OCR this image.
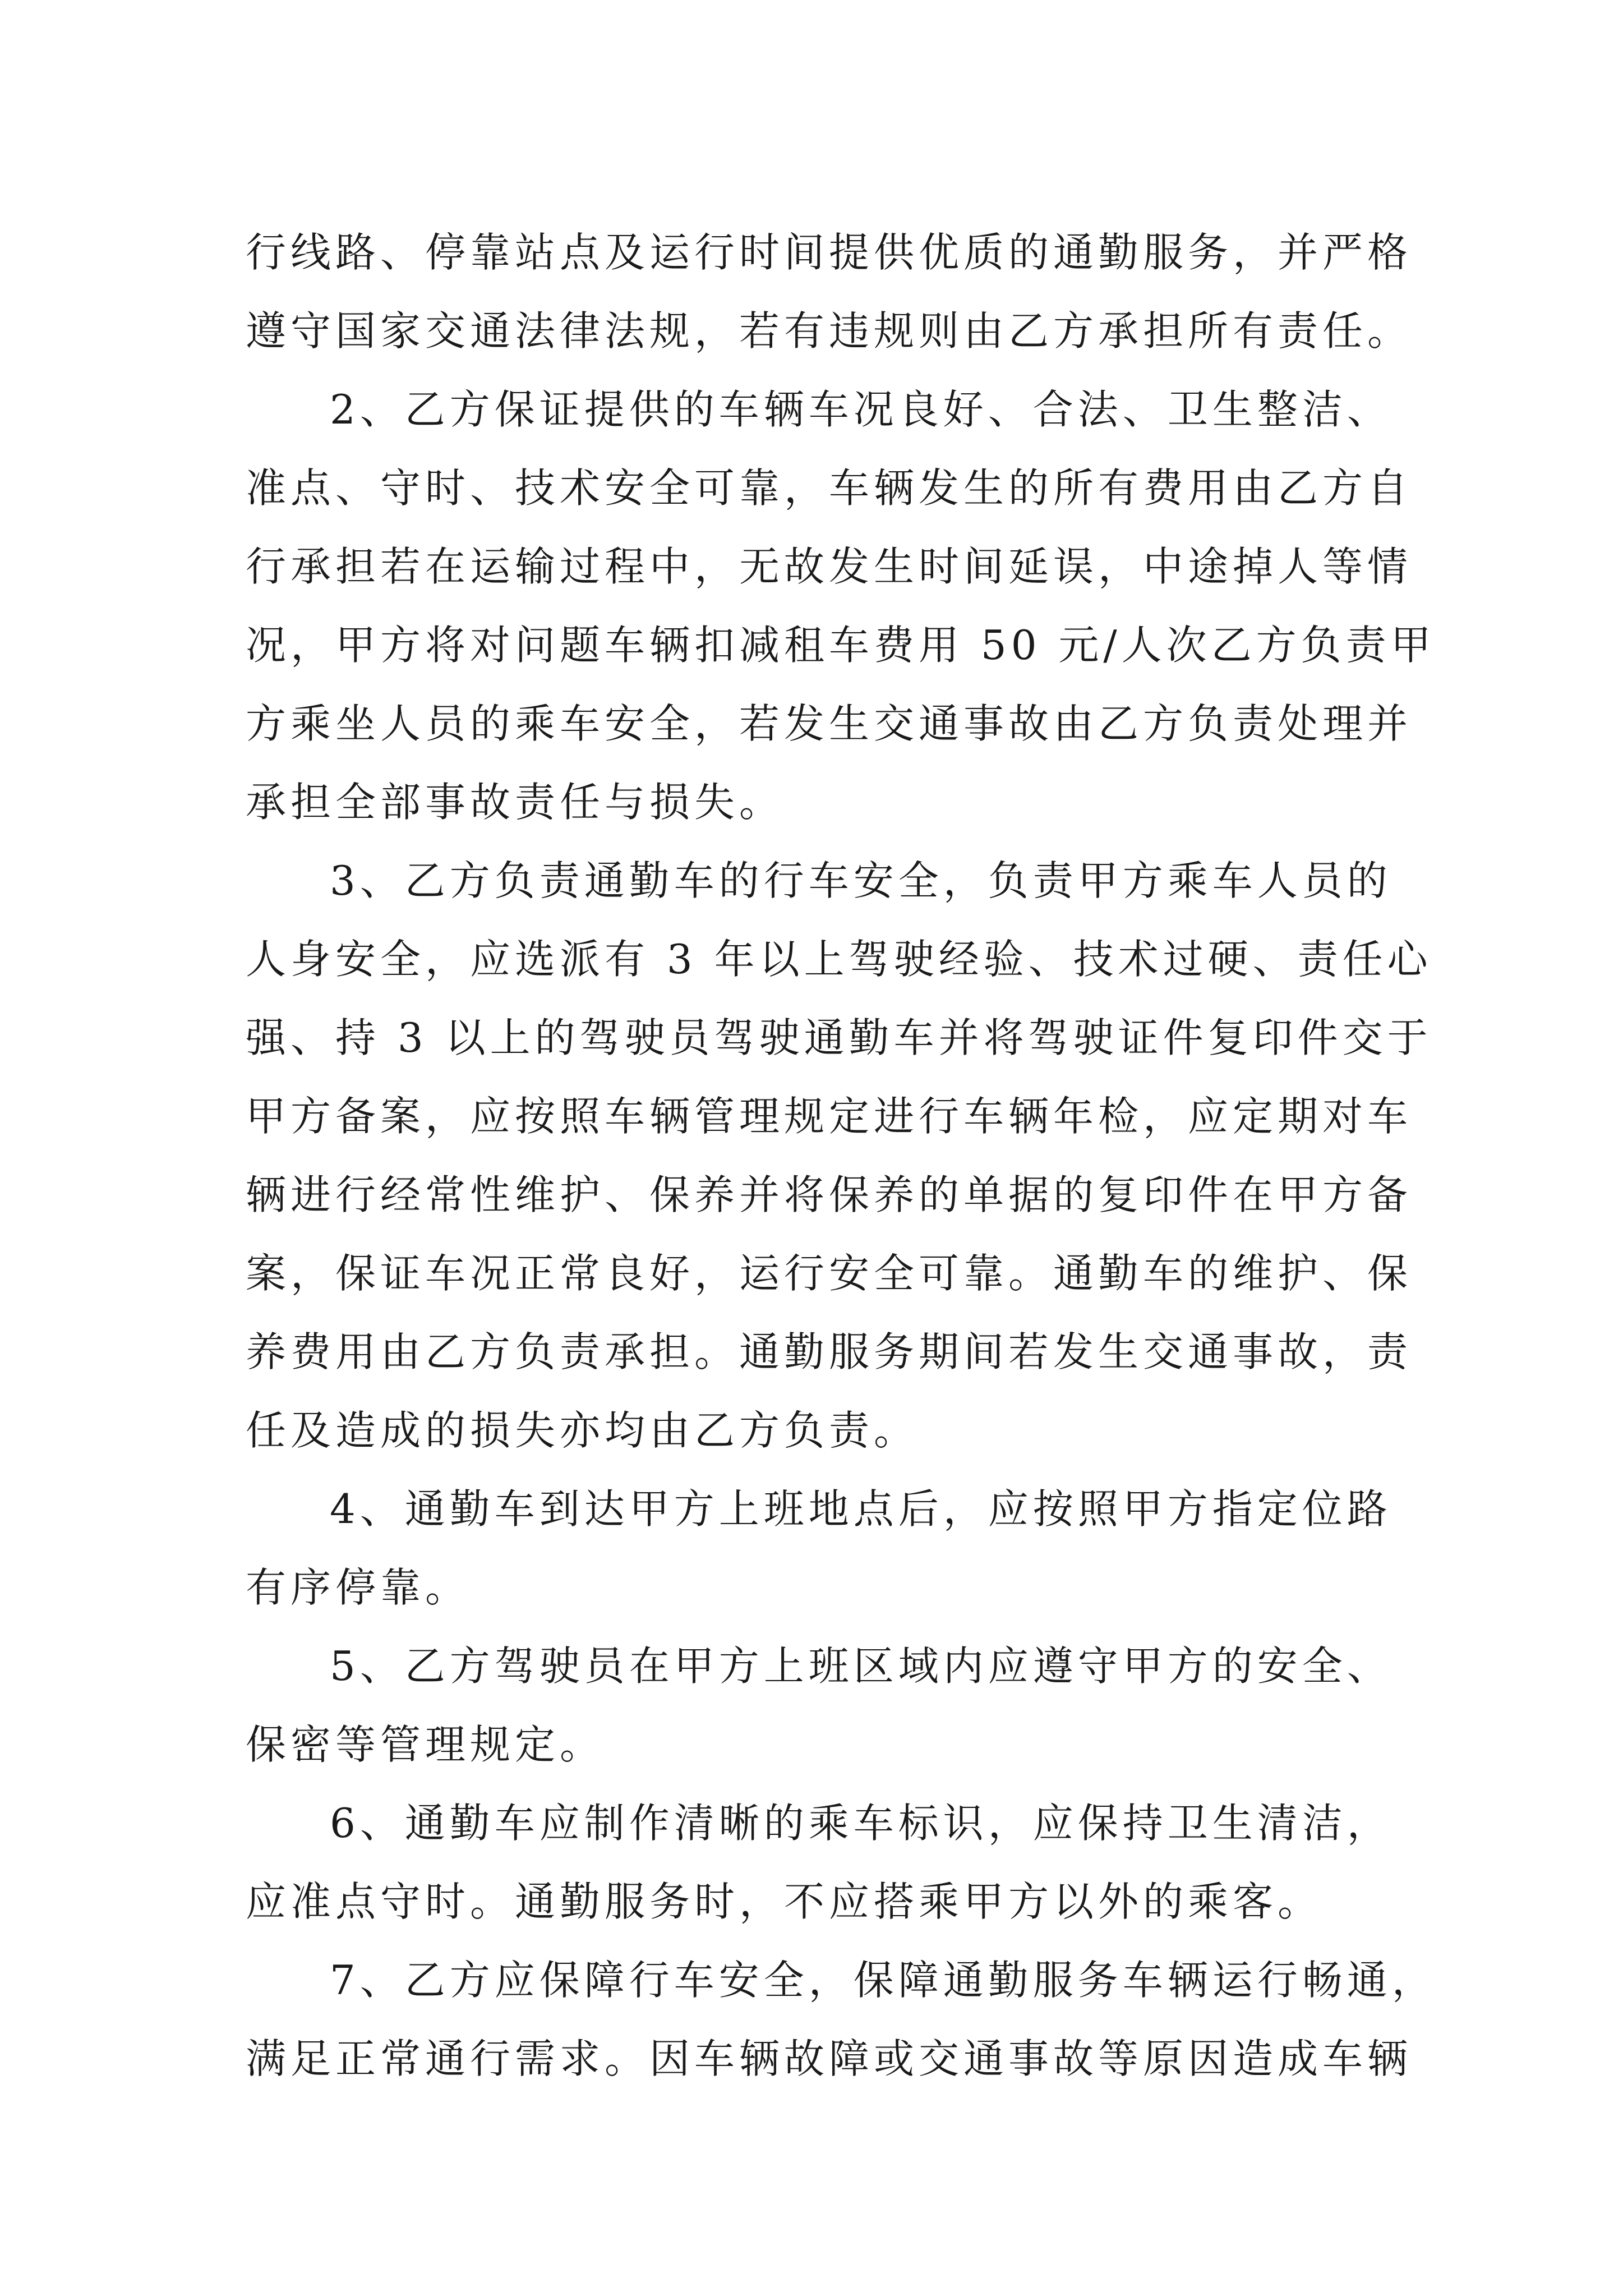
行线路、停靠站点及运行时间提供优质的通勤服务，并严格
遵守国家交通法律法规，若有违规则由乙方承担所有责任。
2、乙方保证提供的车辆车况良好、合法、卫生整洁、
准点、守时、技术安全可靠，车辆发生的所有费用由乙方自
行承担若在运输过程中，无故发生时间延误，中途掉人等情
况，甲方将对问题车辆扣减租车费用 50 元/人次乙方负责甲
方乘坐人员的乘车安全，若发生交通事故由乙方负责处理并
承担全部事故责任与损失。
3、乙方负责通勤车的行车安全，负责甲方乘车人员的
人身安全，应选派有 3 年以上驾驶经验、技术过硬、责任心
强、持 3 以上的驾驶员驾驶通勤车并将驾驶证件复印件交于
甲方备案，应按照车辆管理规定进行车辆年检，应定期对车
辆进行经常性维护、保养并将保养的单据的复印件在甲方备
案，保证车况正常良好，运行安全可靠。通勤车的维护、保
养费用由乙方负责承担。通勤服务期间若发生交通事故，责
任及造成的损失亦均由乙方负责。
4、通勤车到达甲方上班地点后，应按照甲方指定位路
有序停靠。
5、乙方驾驶员在甲方上班区域内应遵守甲方的安全、
保密等管理规定。
6、通勤车应制作清晰的乘车标识，应保持卫生清洁，
应准点守时。通勤服务时，不应搭乘甲方以外的乘客。
7、乙方应保障行车安全，保障通勤服务车辆运行畅通，
满足正常通行需求。因车辆故障或交通事故等原因造成车辆
